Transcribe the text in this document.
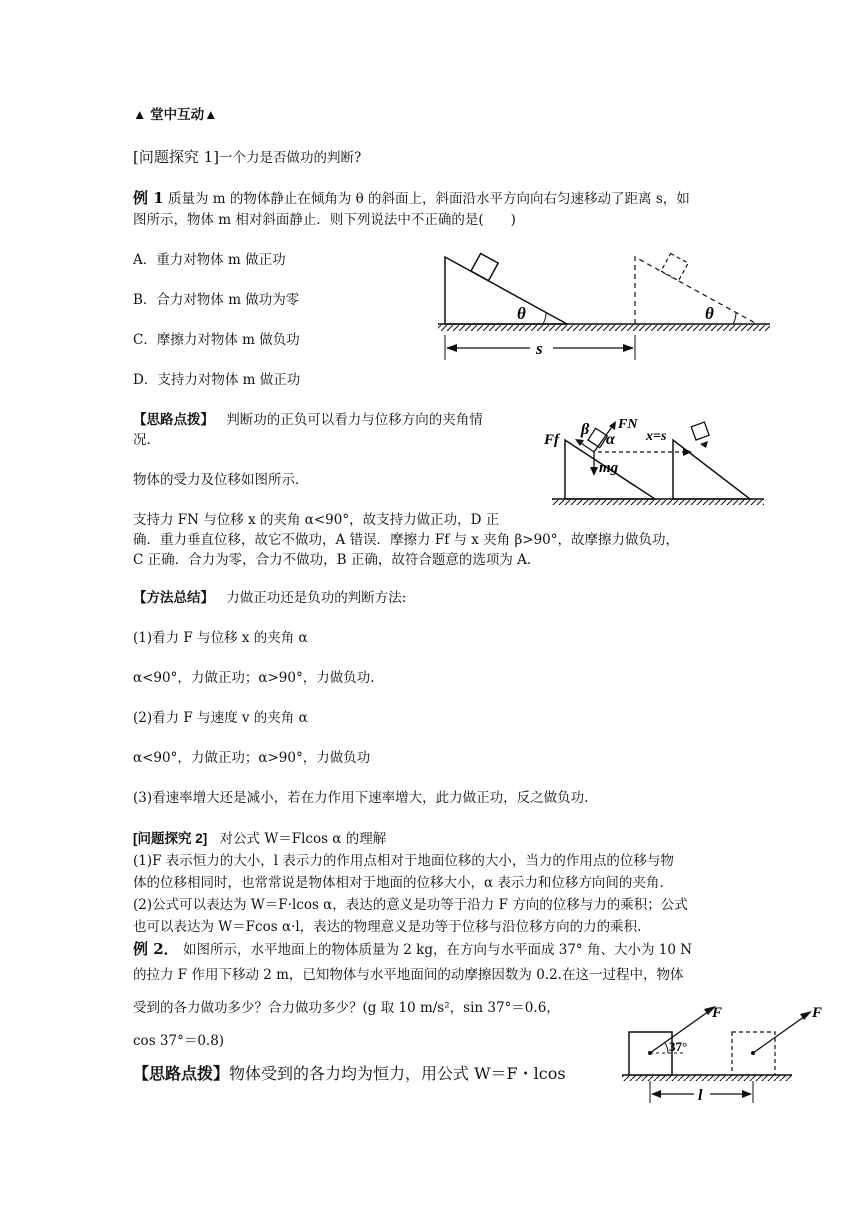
▲ 堂中互动▲
[问题探究 1]一个力是否做功的判断?
例 1 质量为 m 的物体静止在倾角为 θ 的斜面上，斜面沿水平方向向右匀速移动了距离 s，如
图所示，物体 m 相对斜面静止．则下列说法中不正确的是(　　)
A．重力对物体 m 做正功
B．合力对物体 m 做功为零
C．摩擦力对物体 m 做负功
D．支持力对物体 m 做正功
θ	θ
s
【思路点拨】 判断功的正负可以看力与位移方向的夹角情
况．
物体的受力及位移如图所示．
支持力 FN 与位移 x 的夹角 α<90°，故支持力做正功，D 正
确．重力垂直位移，故它不做功，A 错误．摩擦力 Ff 与 x 夹角 β>90°，故摩擦力做负功，
C 正确．合力为零，合力不做功，B 正确，故符合题意的选项为 A.
mg
Ff
FN
β
α x=s
【方法总结】 力做正功还是负功的判断方法:
(1)看力 F 与位移 x 的夹角 α
α<90°，力做正功；α>90°，力做负功.
(2)看力 F 与速度 v 的夹角 α
α<90°，力做正功；α>90°，力做负功
(3)看速率增大还是减小，若在力作用下速率增大，此力做正功，反之做负功.
[问题探究 2] 对公式 W＝Flcos α 的理解
(1)F 表示恒力的大小，l 表示力的作用点相对于地面位移的大小，当力的作用点的位移与物
体的位移相同时，也常常说是物体相对于地面的位移大小，α 表示力和位移方向间的夹角.
(2)公式可以表达为 W＝F·lcos α，表达的意义是功等于沿力 F 方向的位移与力的乘积；公式
也可以表达为 W＝Fcos α·l，表达的物理意义是功等于位移与沿位移方向的力的乘积.
例 2． 如图所示，水平地面上的物体质量为 2 kg，在方向与水平面成 37° 角、大小为 10 N
的拉力 F 作用下移动 2 m，已知物体与水平地面间的动摩擦因数为 0.2.在这一过程中，物体
受到的各力做功多少？合力做功多少？(g 取 10 m/s²，sin 37°＝0.6，
cos 37°＝0.8)
【思路点拨】物体受到的各力均为恒力，用公式 W＝F・lcos
F
37°
F
l
